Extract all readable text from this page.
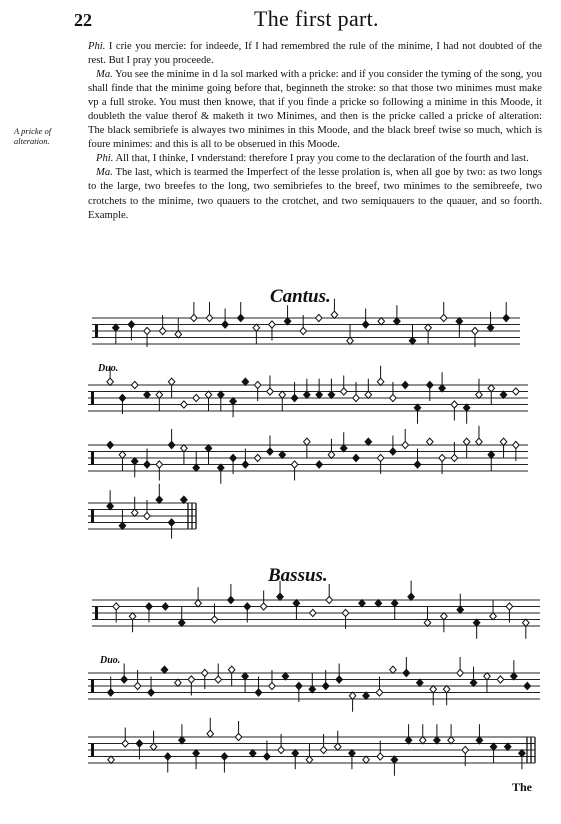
22	The first part.

Phi. I crie you mercie: for indeede, If I had remembred the rule of the minime, I had not doubted of the rest. But I pray you proceede.

Ma. You see the minime in d la sol marked with a pricke: and if you consider the tyming of the song, you shall finde that the minime going before that, beginneth the stroke: so that those two minimes must make vp a full stroke. You must then knowe, that if you finde a pricke so following a minime in this Moode, it doubleth the value therof & maketh it two Minimes, and then is the pricke called a pricke of alteration: The black semibriefe is alwayes two minimes in this Moode, and the black breef twise so much, which is foure minimes: and this is all to be obserued in this Moode.

Phi. All that, I thinke, I vnderstand: therefore I pray you come to the declaration of the fourth and last.

Ma. The last, which is tearmed the Imperfect of the lesse prolation is, when all goe by two: as two longs to the large, two breefes to the long, two semibriefes to the breef, two minimes to the semibreefe, two crotchets to the minime, two quauers to the crotchet, and two semiquauers to the quauer, and so foorth. Example.

A pricke of alteration.
Cantus.
Bassus.
Duo.
Duo.
The
